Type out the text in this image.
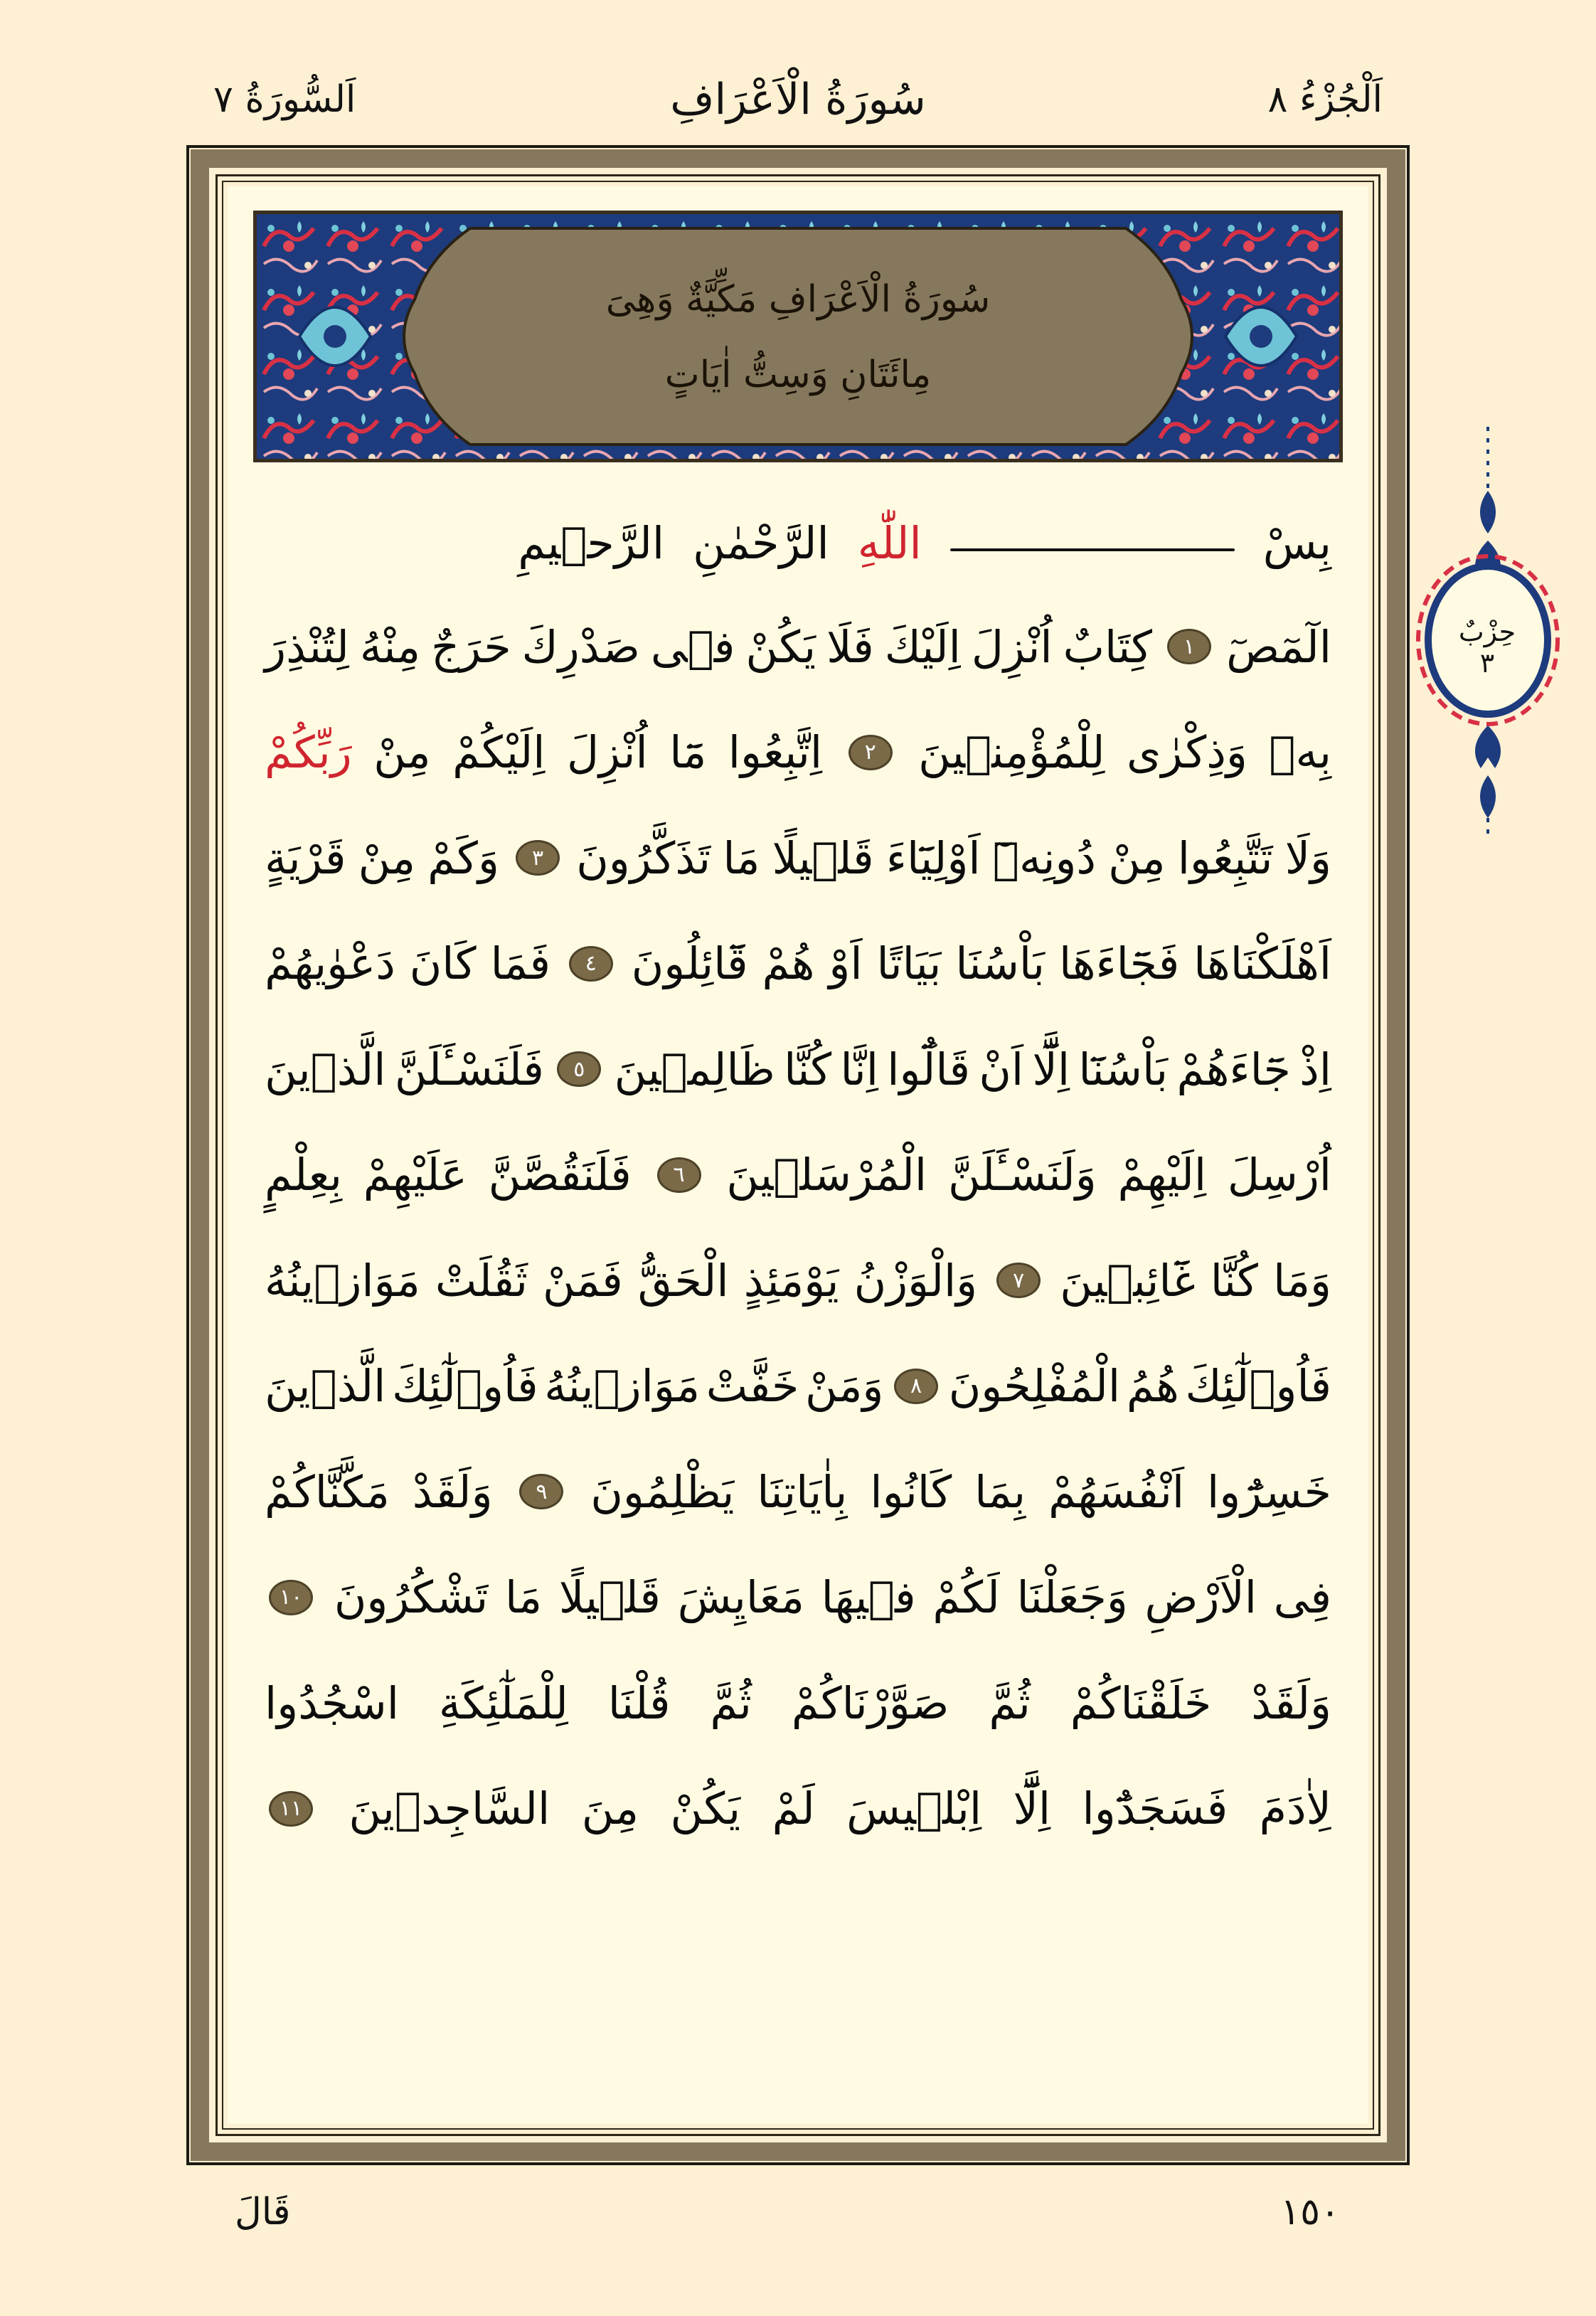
اَلْجُزْءُ ٨
سُورَةُ الْاَعْرَافِ
اَلسُّورَةُ ٧
سُورَةُ الْاَعْرَافِ مَكِّيَّةٌ وَهِىَ
مِائَتَانِ وَسِتُّ اٰيَاتٍ
بِسْ
اللّٰهِ
الرَّحْمٰنِ
الرَّح۪يمِ
الٓمٓصٓ
١
كِتَابٌ
اُنْزِلَ
اِلَيْكَ
فَلَا
يَكُنْ
ف۪ى
صَدْرِكَ
حَرَجٌ
مِنْهُ
لِتُنْذِرَ
بِه۪
وَذِكْرٰى
لِلْمُؤْمِن۪ينَ
٢
اِتَّبِعُوا
مَٓا
اُنْزِلَ
اِلَيْكُمْ
مِنْ
رَبِّكُمْ
وَلَا
تَتَّبِعُوا
مِنْ
دُونِه۪ٓ
اَوْلِيَٓاءَ
قَل۪يلًا
مَا
تَذَكَّرُونَ
٣
وَكَمْ
مِنْ
قَرْيَةٍ
اَهْلَكْنَاهَا
فَجَٓاءَهَا
بَاْسُنَا
بَيَاتًا
اَوْ
هُمْ
قَٓائِلُونَ
٤
فَمَا
كَانَ
دَعْوٰيهُمْ
اِذْ
جَٓاءَهُمْ
بَاْسُنَٓا
اِلَّٓا
اَنْ
قَالُٓوا
اِنَّا
كُنَّا
ظَالِم۪ينَ
٥
فَلَنَسْـَٔلَنَّ
الَّذ۪ينَ
اُرْسِلَ
اِلَيْهِمْ
وَلَنَسْـَٔلَنَّ
الْمُرْسَل۪ينَ
٦
فَلَنَقُصَّنَّ
عَلَيْهِمْ
بِعِلْمٍ
وَمَا
كُنَّا
غَٓائِب۪ينَ
٧
وَالْوَزْنُ
يَوْمَئِذٍ
الْحَقُّ
فَمَنْ
ثَقُلَتْ
مَوَاز۪ينُهُ
فَاُو۬لٰٓئِكَ
هُمُ
الْمُفْلِحُونَ
٨
وَمَنْ
خَفَّتْ
مَوَاز۪ينُهُ
فَاُو۬لٰٓئِكَ
الَّذ۪ينَ
خَسِرُٓوا
اَنْفُسَهُمْ
بِمَا
كَانُوا
بِاٰيَاتِنَا
يَظْلِمُونَ
٩
وَلَقَدْ
مَكَّنَّاكُمْ
فِى
الْاَرْضِ
وَجَعَلْنَا
لَكُمْ
ف۪يهَا
مَعَايِشَ
قَل۪يلًا
مَا
تَشْكُرُونَ
١٠
وَلَقَدْ
خَلَقْنَاكُمْ
ثُمَّ
صَوَّرْنَاكُمْ
ثُمَّ
قُلْنَا
لِلْمَلٰٓئِكَةِ
اسْجُدُوا
لِاٰدَمَ
فَسَجَدُٓوا
اِلَّٓا
اِبْل۪يسَ
لَمْ
يَكُنْ
مِنَ
السَّاجِد۪ينَ
١١
حِزْبٌ
٣
١٥٠
قَالَ
